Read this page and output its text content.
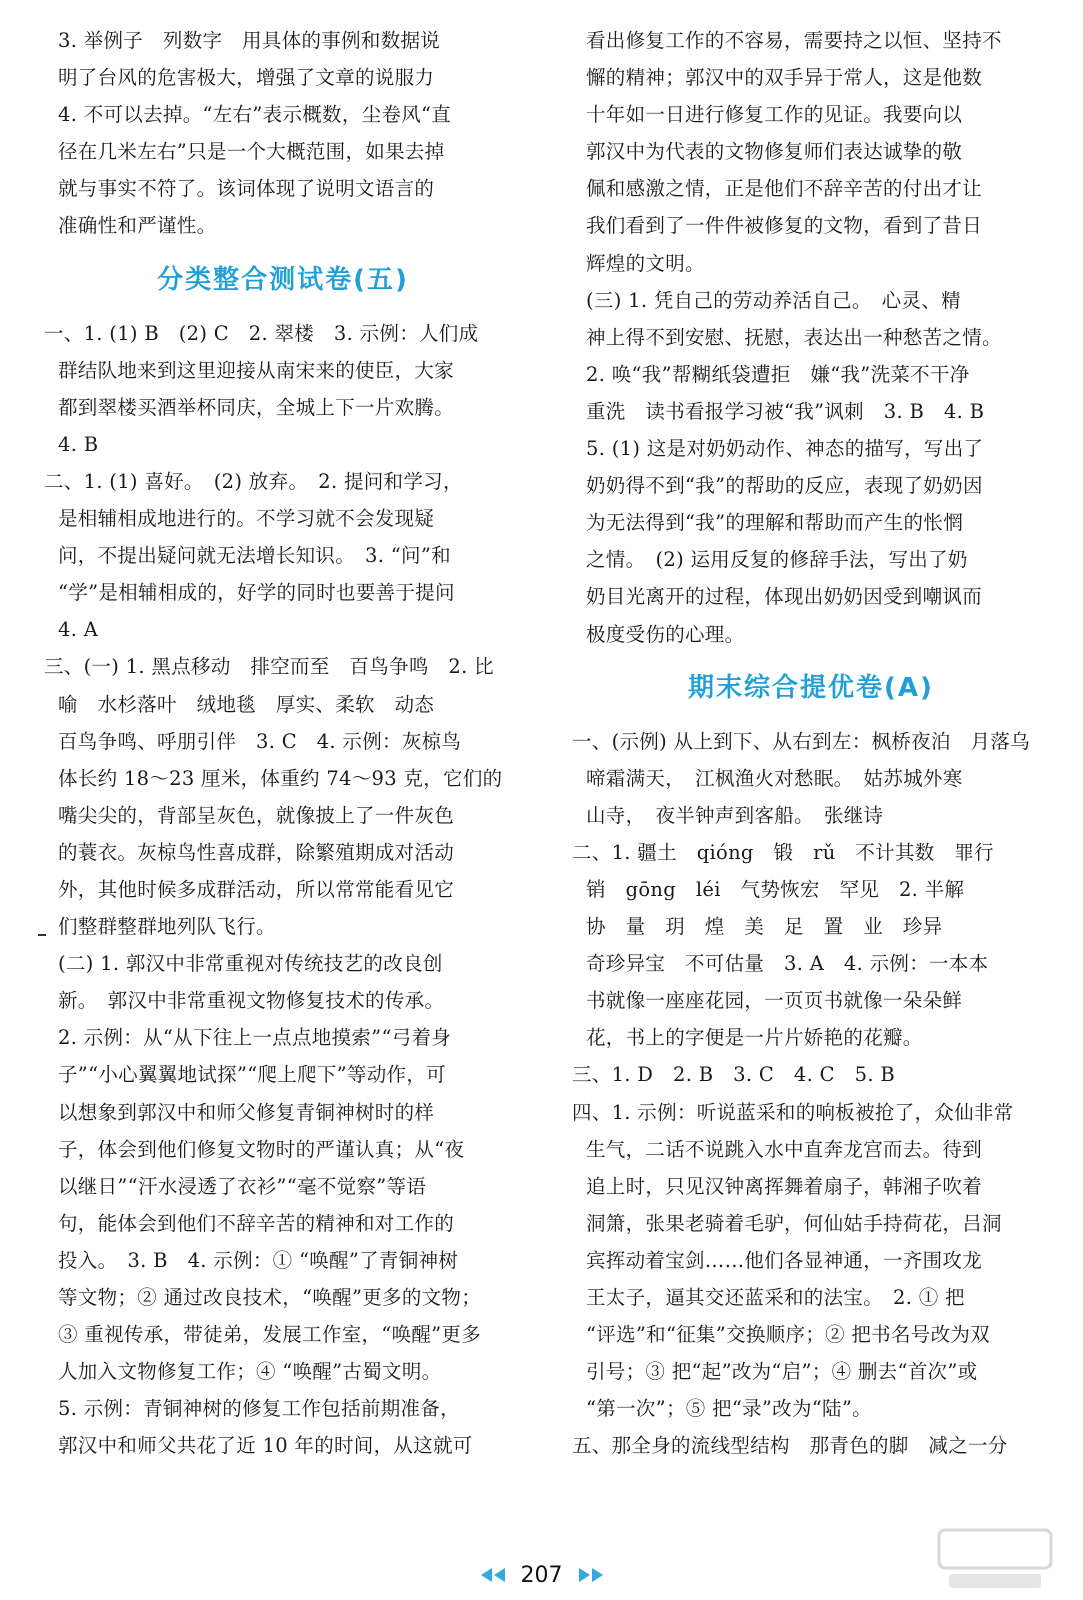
3. 举例子　列数字　用具体的事例和数据说
明了台风的危害极大，增强了文章的说服力
4. 不可以去掉。“左右”表示概数，尘卷风“直
径在几米左右”只是一个大概范围，如果去掉
就与事实不符了。该词体现了说明文语言的
准确性和严谨性。
分类整合测试卷(五)
一、1. (1) B　(2) C　2. 翠楼　3. 示例：人们成
群结队地来到这里迎接从南宋来的使臣，大家
都到翠楼买酒举杯同庆，全城上下一片欢腾。
4. B
二、1. (1) 喜好。　(2) 放弃。　2. 提问和学习，
是相辅相成地进行的。不学习就不会发现疑
问，不提出疑问就无法增长知识。　3. “问”和
“学”是相辅相成的，好学的同时也要善于提问
4. A
三、(一) 1. 黑点移动　排空而至　百鸟争鸣　2. 比
喻　水杉落叶　绒地毯　厚实、柔软　动态
百鸟争鸣、呼朋引伴　3. C　4. 示例：灰椋鸟
体长约 18～23 厘米，体重约 74～93 克，它们的
嘴尖尖的，背部呈灰色，就像披上了一件灰色
的蓑衣。灰椋鸟性喜成群，除繁殖期成对活动
外，其他时候多成群活动，所以常常能看见它
们整群整群地列队飞行。
(二) 1. 郭汉中非常重视对传统技艺的改良创
新。　郭汉中非常重视文物修复技术的传承。
2. 示例：从“从下往上一点点地摸索”“弓着身
子”“小心翼翼地试探”“爬上爬下”等动作，可
以想象到郭汉中和师父修复青铜神树时的样
子，体会到他们修复文物时的严谨认真；从“夜
以继日”“汗水浸透了衣衫”“毫不觉察”等语
句，能体会到他们不辞辛苦的精神和对工作的
投入。　3. B　4. 示例：① “唤醒”了青铜神树
等文物；② 通过改良技术，“唤醒”更多的文物；
③ 重视传承，带徒弟，发展工作室，“唤醒”更多
人加入文物修复工作；④ “唤醒”古蜀文明。
5. 示例：青铜神树的修复工作包括前期准备，
郭汉中和师父共花了近 10 年的时间，从这就可
看出修复工作的不容易，需要持之以恒、坚持不
懈的精神；郭汉中的双手异于常人，这是他数
十年如一日进行修复工作的见证。我要向以
郭汉中为代表的文物修复师们表达诚挚的敬
佩和感激之情，正是他们不辞辛苦的付出才让
我们看到了一件件被修复的文物，看到了昔日
辉煌的文明。
(三) 1. 凭自己的劳动养活自己。　心灵、精
神上得不到安慰、抚慰，表达出一种愁苦之情。
2. 唤“我”帮糊纸袋遭拒　嫌“我”洗菜不干净
重洗　读书看报学习被“我”讽刺　3. B　4. B
5. (1) 这是对奶奶动作、神态的描写，写出了
奶奶得不到“我”的帮助的反应，表现了奶奶因
为无法得到“我”的理解和帮助而产生的怅惘
之情。　(2) 运用反复的修辞手法，写出了奶
奶目光离开的过程，体现出奶奶因受到嘲讽而
极度受伤的心理。
期末综合提优卷(A)
一、(示例) 从上到下、从右到左：枫桥夜泊　月落乌
啼霜满天，　江枫渔火对愁眠。　姑苏城外寒
山寺，　夜半钟声到客船。　张继诗
二、1. 疆土　qióng　锻　rǔ　不计其数　罪行
销　gōng　léi　气势恢宏　罕见　2. 半解
协　量　玥　煌　美　足　置　业　珍异
奇珍异宝　不可估量　3. A　4. 示例：一本本
书就像一座座花园，一页页书就像一朵朵鲜
花，书上的字便是一片片娇艳的花瓣。
三、1. D　2. B　3. C　4. C　5. B
四、1. 示例：听说蓝采和的响板被抢了，众仙非常
生气，二话不说跳入水中直奔龙宫而去。待到
追上时，只见汉钟离挥舞着扇子，韩湘子吹着
洞箫，张果老骑着毛驴，何仙姑手持荷花，吕洞
宾挥动着宝剑……他们各显神通，一齐围攻龙
王太子，逼其交还蓝采和的法宝。　2. ① 把
“评选”和“征集”交换顺序；② 把书名号改为双
引号；③ 把“起”改为“启”；④ 删去“首次”或
“第一次”；⑤ 把“录”改为“陆”。
五、那全身的流线型结构　那青色的脚　减之一分
207
